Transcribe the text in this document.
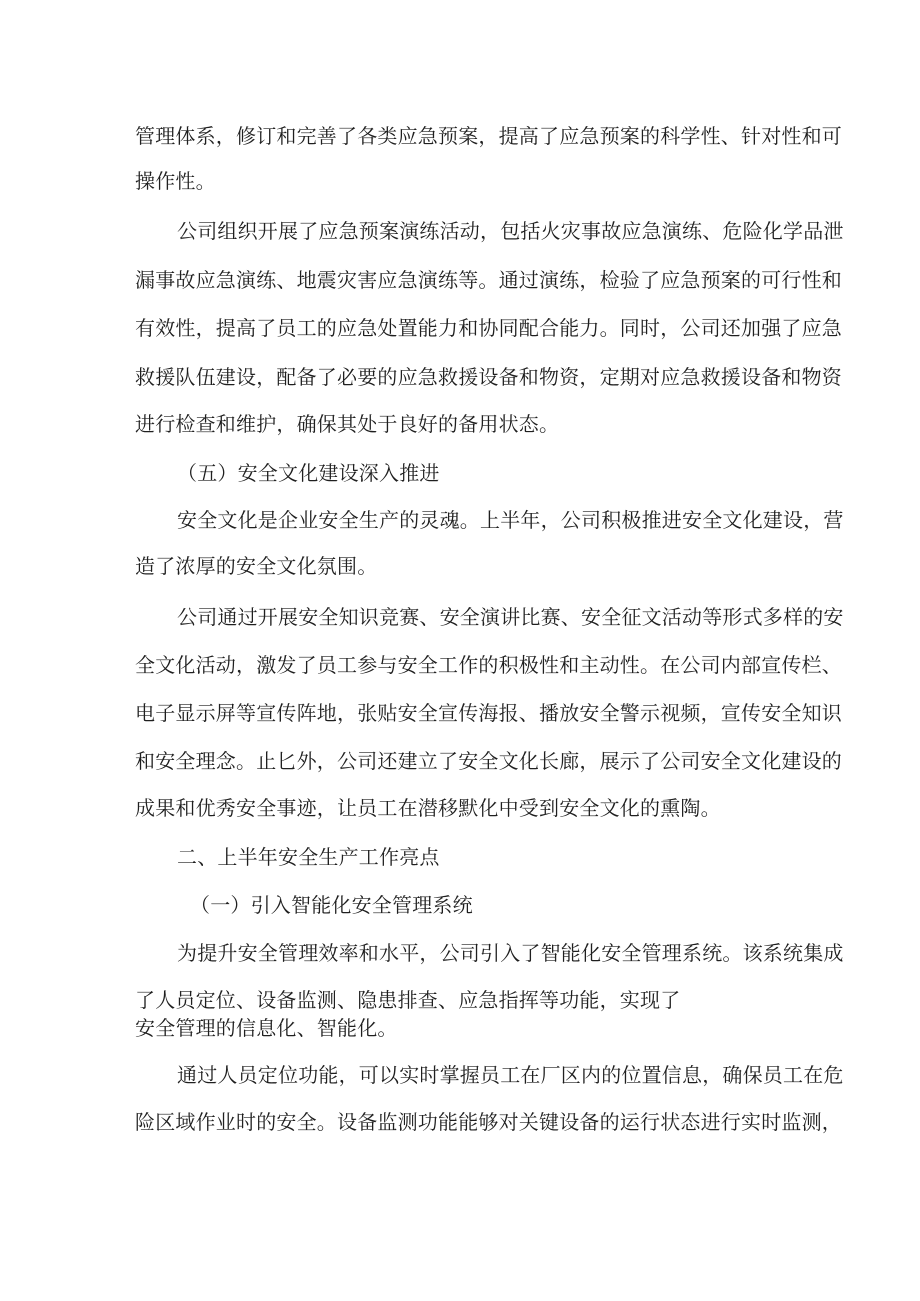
管理体系，修订和完善了各类应急预案，提高了应急预案的科学性、针对性和可
操作性。
公司组织开展了应急预案演练活动，包括火灾事故应急演练、危险化学品泄
漏事故应急演练、地震灾害应急演练等。通过演练，检验了应急预案的可行性和
有效性，提高了员工的应急处置能力和协同配合能力。同时，公司还加强了应急
救援队伍建设，配备了必要的应急救援设备和物资，定期对应急救援设备和物资
进行检查和维护，确保其处于良好的备用状态。
（五）安全文化建设深入推进
安全文化是企业安全生产的灵魂。上半年，公司积极推进安全文化建设，营
造了浓厚的安全文化氛围。
公司通过开展安全知识竞赛、安全演讲比赛、安全征文活动等形式多样的安
全文化活动，激发了员工参与安全工作的积极性和主动性。在公司内部宣传栏、
电子显示屏等宣传阵地，张贴安全宣传海报、播放安全警示视频，宣传安全知识
和安全理念。止匕外，公司还建立了安全文化长廊，展示了公司安全文化建设的
成果和优秀安全事迹，让员工在潜移默化中受到安全文化的熏陶。
二、上半年安全生产工作亮点
（一）引入智能化安全管理系统
为提升安全管理效率和水平，公司引入了智能化安全管理系统。该系统集成
了人员定位、设备监测、隐患排查、应急指挥等功能，实现了
安全管理的信息化、智能化。
通过人员定位功能，可以实时掌握员工在厂区内的位置信息，确保员工在危
险区域作业时的安全。设备监测功能能够对关键设备的运行状态进行实时监测，
